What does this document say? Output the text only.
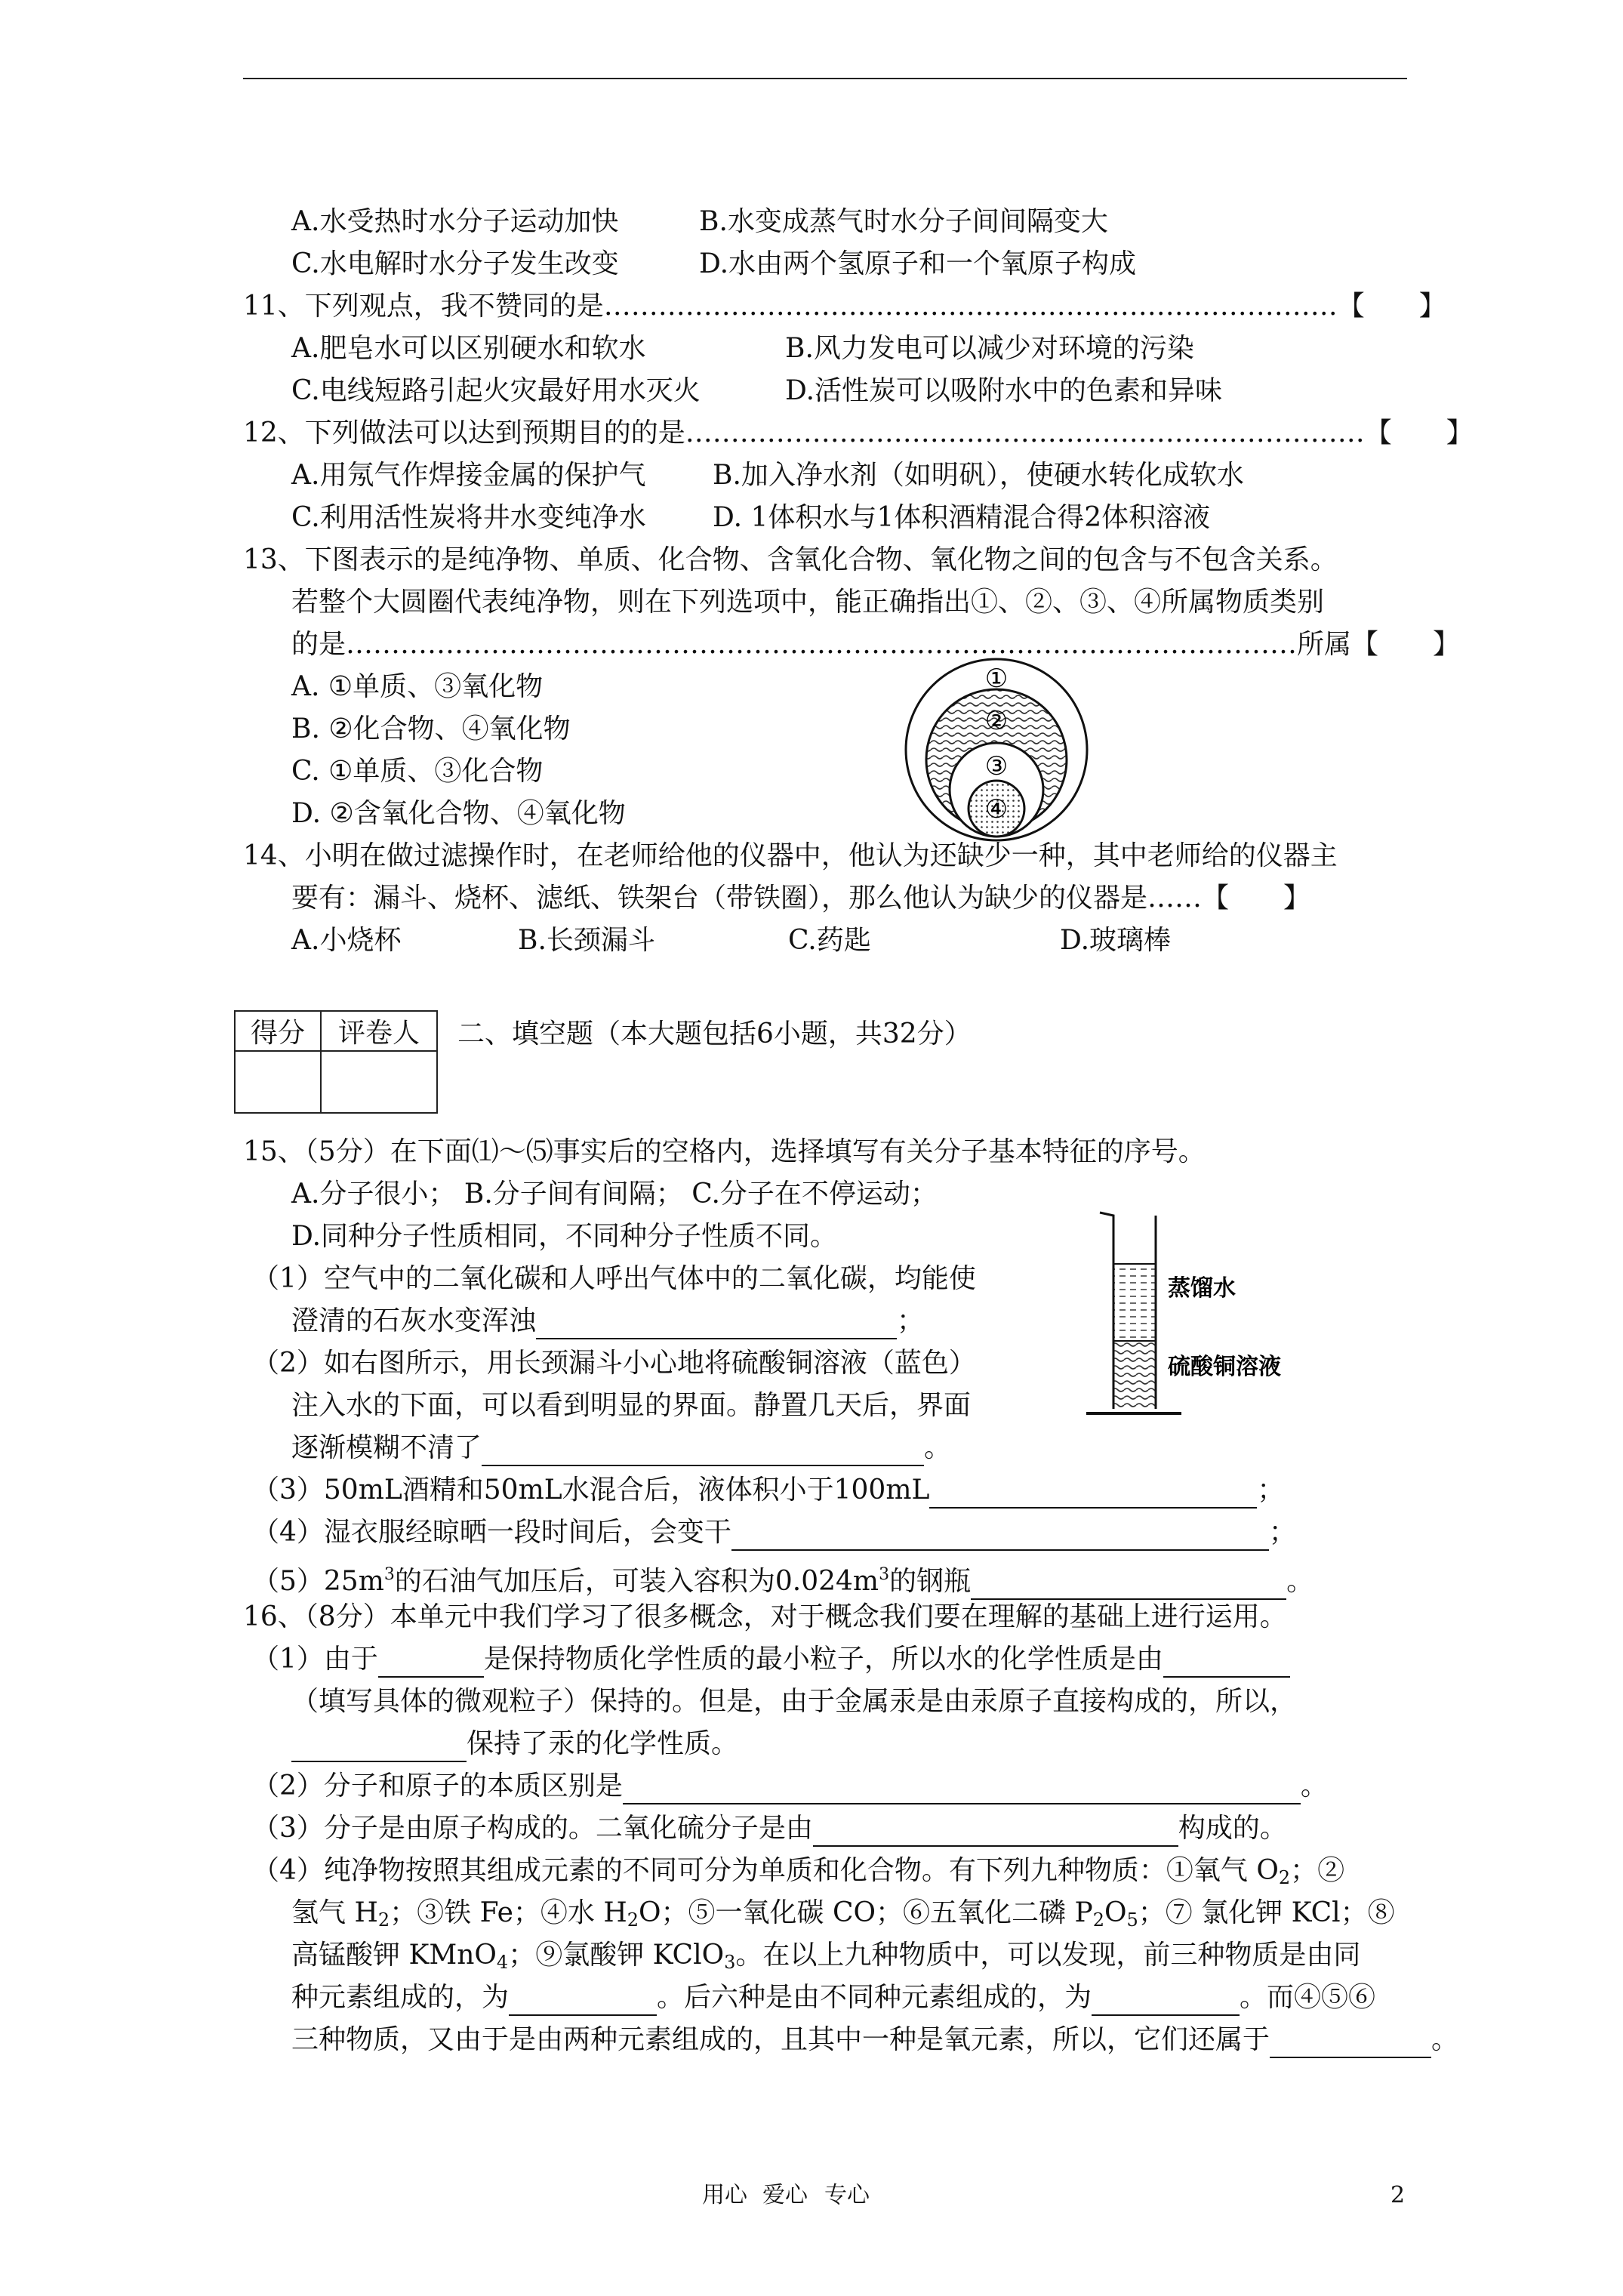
A.水受热时水分子运动加快	B.水变成蒸气时水分子间间隔变大
C.水电解时水分子发生改变	D.水由两个氢原子和一个氧原子构成
11、下列观点，我不赞同的是………………………………………………………………………【　　】
A.肥皂水可以区别硬水和软水	B.风力发电可以减少对环境的污染
C.电线短路引起火灾最好用水灭火	D.活性炭可以吸附水中的色素和异味
12、下列做法可以达到预期目的的是…………………………………………………………………【　　】
A.用氖气作焊接金属的保护气 B.加入净水剂（如明矾），使硬水转化成软水
C.利用活性炭将井水变纯净水 D. 1体积水与1体积酒精混合得2体积溶液
13、下图表示的是纯净物、单质、化合物、含氧化合物、氧化物之间的包含与不包含关系。
若整个大圆圈代表纯净物，则在下列选项中，能正确指出①、②、③、④所属物质类别
的是……………………………………………………………………………………………所属【　　】
A. ①单质、③氧化物
B. ②化合物、④氧化物
C. ①单质、③化合物
D. ②含氧化合物、④氧化物
①
②
③
④
14、小明在做过滤操作时，在老师给他的仪器中，他认为还缺少一种，其中老师给的仪器主
要有：漏斗、烧杯、滤纸、铁架台（带铁圈），那么他认为缺少的仪器是……【　　】
A.小烧杯	B.长颈漏斗	C.药匙	D.玻璃棒
得分	评卷人
	二、填空题（本大题包括6小题，共32分）
15、（5分）在下面⑴～⑸事实后的空格内，选择填写有关分子基本特征的序号。
A.分子很小； B.分子间有间隔； C.分子在不停运动；
D.同种分子性质相同，不同种分子性质不同。
（1）空气中的二氧化碳和人呼出气体中的二氧化碳，均能使
澄清的石灰水变浑浊	；
（2）如右图所示，用长颈漏斗小心地将硫酸铜溶液（蓝色）
注入水的下面，可以看到明显的界面。静置几天后，界面
逐渐模糊不清了	。
（3）50mL酒精和50mL水混合后，液体积小于100mL	；
（4）湿衣服经晾晒一段时间后，会变干	；
$(5)25m^3$的石油气加压后，可装入容积为$0.024m^3$的钢瓶	。
蒸馏水
硫酸铜溶液
16、（8分）本单元中我们学习了很多概念，对于概念我们要在理解的基础上进行运用。
（1）由于	是保持物质化学性质的最小粒子，所以水的化学性质是由
（填写具体的微观粒子）保持的。但是，由于金属汞是由汞原子直接构成的，所以，
保持了汞的化学性质。
（2）分子和原子的本质区别是	。
（3）分子是由原子构成的。二氧化硫分子是由	构成的。
（4）纯净物按照其组成元素的不同可分为单质和化合物。有下列九种物质：①氧气 $O_2$；②
氢气 $H_2$；③铁 Fe；④水 $H_2O$；⑤一氧化碳 CO；⑥五氧化二磷 $P_2O_5$；⑦ 氯化钾 KCl；⑧
高锰酸钾 KMnO$_4$；⑨氯酸钾 KClO$_3$。在以上九种物质中，可以发现，前三种物质是由同
种元素组成的，为	。后六种是由不同种元素组成的，为	。而④⑤⑥
三种物质，又由于是由两种元素组成的，且其中一种是氧元素，所以，它们还属于	。
用心 爱心 专心	2
